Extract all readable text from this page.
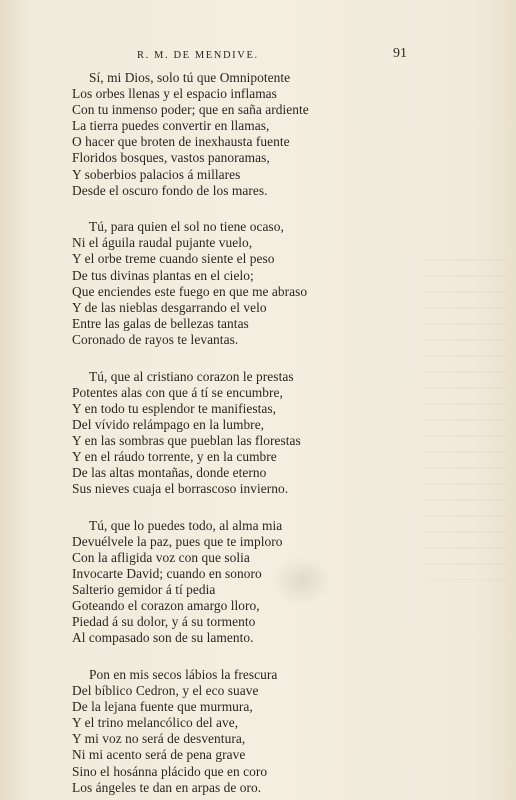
R. M. DE MENDIVE.	91
Sí, mi Dios, solo tú que Omnipotente
Los orbes llenas y el espacio inflamas
Con tu inmenso poder; que en saña ardiente
La tierra puedes convertir en llamas,
O hacer que broten de inexhausta fuente
Floridos bosques, vastos panoramas,
Y soberbios palacios á millares
Desde el oscuro fondo de los mares.
Tú, para quien el sol no tiene ocaso,
Ni el águila raudal pujante vuelo,
Y el orbe treme cuando siente el peso
De tus divinas plantas en el cielo;
Que enciendes este fuego en que me abraso
Y de las nieblas desgarrando el velo
Entre las galas de bellezas tantas
Coronado de rayos te levantas.
Tú, que al cristiano corazon le prestas
Potentes alas con que á tí se encumbre,
Y en todo tu esplendor te manifiestas,
Del vívido relámpago en la lumbre,
Y en las sombras que pueblan las florestas
Y en el ráudo torrente, y en la cumbre
De las altas montañas, donde eterno
Sus nieves cuaja el borrascoso invierno.
Tú, que lo puedes todo, al alma mia
Devuélvele la paz, pues que te imploro
Con la afligida voz con que solia
Invocarte David; cuando en sonoro
Salterio gemidor á tí pedia
Goteando el corazon amargo lloro,
Piedad á su dolor, y á su tormento
Al compasado son de su lamento.
Pon en mis secos lábios la frescura
Del bíblico Cedron, y el eco suave
De la lejana fuente que murmura,
Y el trino melancólico del ave,
Y mi voz no será de desventura,
Ni mi acento será de pena grave
Sino el hosánna plácido que en coro
Los ángeles te dan en arpas de oro.
